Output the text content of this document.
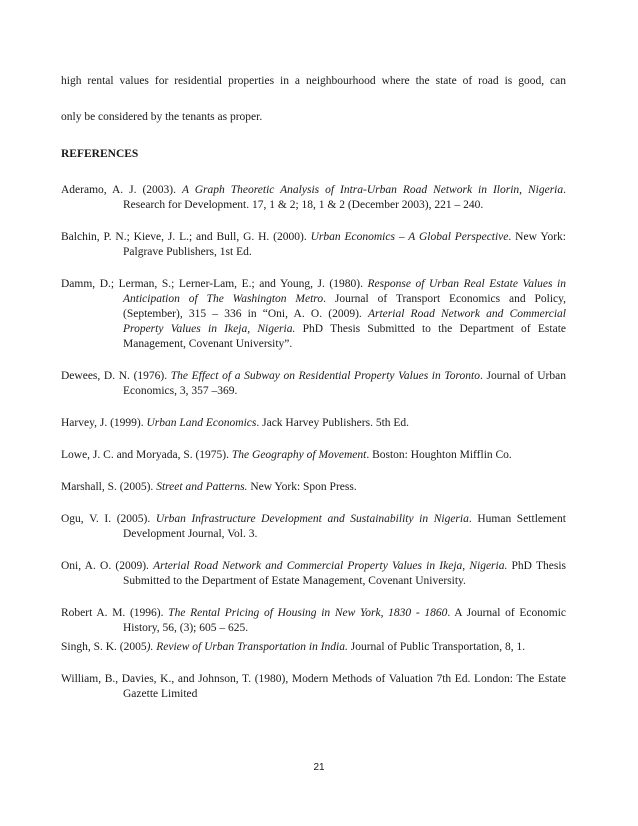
high rental values for residential properties in a neighbourhood where the state of road is good, can

only be considered by the tenants as proper.

REFERENCES

Aderamo, A. J. (2003). A Graph Theoretic Analysis of Intra-Urban Road Network in Ilorin, Nigeria. Research for Development. 17, 1 & 2; 18, 1 & 2 (December 2003), 221 – 240.

Balchin, P. N.; Kieve, J. L.; and Bull, G. H. (2000). Urban Economics – A Global Perspective. New York: Palgrave Publishers, 1st Ed.

Damm, D.; Lerman, S.; Lerner-Lam, E.; and Young, J. (1980). Response of Urban Real Estate Values in Anticipation of The Washington Metro. Journal of Transport Economics and Policy, (September), 315 – 336 in “Oni, A. O. (2009). Arterial Road Network and Commercial Property Values in Ikeja, Nigeria. PhD Thesis Submitted to the Department of Estate Management, Covenant University”.

Dewees, D. N. (1976). The Effect of a Subway on Residential Property Values in Toronto. Journal of Urban Economics, 3, 357 –369.

Harvey, J. (1999). Urban Land Economics. Jack Harvey Publishers. 5th Ed.

Lowe, J. C. and Moryada, S. (1975). The Geography of Movement. Boston: Houghton Mifflin Co.

Marshall, S. (2005). Street and Patterns. New York: Spon Press.

Ogu, V. I. (2005). Urban Infrastructure Development and Sustainability in Nigeria. Human Settlement Development Journal, Vol. 3.

Oni, A. O. (2009). Arterial Road Network and Commercial Property Values in Ikeja, Nigeria. PhD Thesis Submitted to the Department of Estate Management, Covenant University.

Robert A. M. (1996). The Rental Pricing of Housing in New York, 1830 - 1860. A Journal of Economic History, 56, (3); 605 – 625.

Singh, S. K. (2005). Review of Urban Transportation in India. Journal of Public Transportation, 8, 1.

William, B., Davies, K., and Johnson, T. (1980), Modern Methods of Valuation 7th Ed. London: The Estate Gazette Limited

21
